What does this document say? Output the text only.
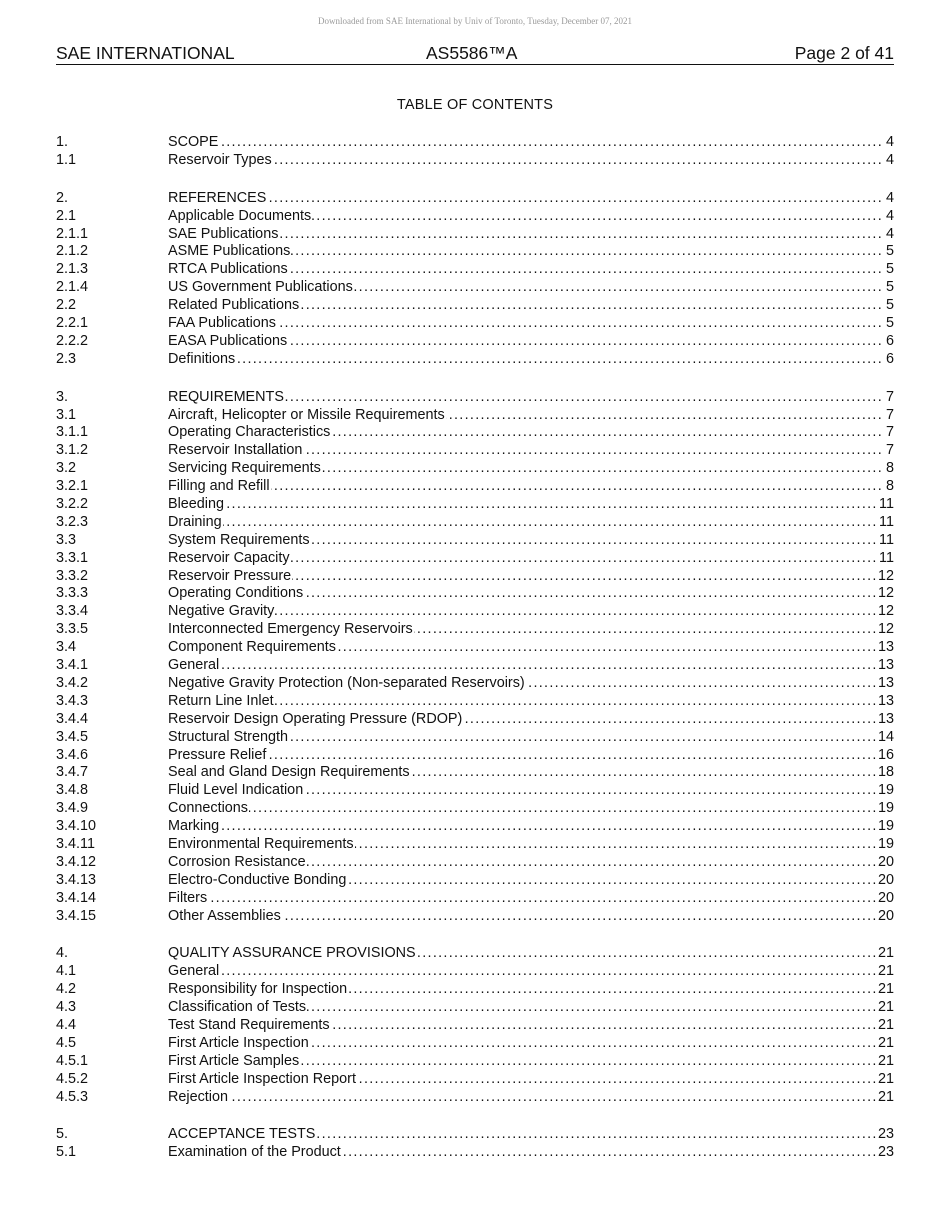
Downloaded from SAE International by Univ of Toronto, Tuesday, December 07, 2021
SAE INTERNATIONAL	AS5586™A	Page 2 of 41
TABLE OF CONTENTS
1.	SCOPE . . .	4
1.1	Reservoir Types . . .	4
2.	REFERENCES . . .	4
2.1	Applicable Documents . . .	4
2.1.1	SAE Publications . . .	4
2.1.2	ASME Publications . . .	5
2.1.3	RTCA Publications . . .	5
2.1.4	US Government Publications . . .	5
2.2	Related Publications . . .	5
2.2.1	FAA Publications . . .	5
2.2.2	EASA Publications . . .	6
2.3	Definitions . . .	6
3.	REQUIREMENTS . . .	7
3.1	Aircraft, Helicopter or Missile Requirements . . .	7
3.1.1	Operating Characteristics . . .	7
3.1.2	Reservoir Installation . . .	7
3.2	Servicing Requirements . . .	8
3.2.1	Filling and Refill . . .	8
3.2.2	Bleeding . . .	11
3.2.3	Draining . . .	11
3.3	System Requirements . . .	11
3.3.1	Reservoir Capacity . . .	11
3.3.2	Reservoir Pressure . . .	12
3.3.3	Operating Conditions . . .	12
3.3.4	Negative Gravity . . .	12
3.3.5	Interconnected Emergency Reservoirs . . .	12
3.4	Component Requirements . . .	13
3.4.1	General . . .	13
3.4.2	Negative Gravity Protection (Non-separated Reservoirs) . . .	13
3.4.3	Return Line Inlet . . .	13
3.4.4	Reservoir Design Operating Pressure (RDOP) . . .	13
3.4.5	Structural Strength . . .	14
3.4.6	Pressure Relief . . .	16
3.4.7	Seal and Gland Design Requirements . . .	18
3.4.8	Fluid Level Indication . . .	19
3.4.9	Connections . . .	19
3.4.10	Marking . . .	19
3.4.11	Environmental Requirements . . .	19
3.4.12	Corrosion Resistance . . .	20
3.4.13	Electro-Conductive Bonding . . .	20
3.4.14	Filters . . .	20
3.4.15	Other Assemblies . . .	20
4.	QUALITY ASSURANCE PROVISIONS . . .	21
4.1	General . . .	21
4.2	Responsibility for Inspection . . .	21
4.3	Classification of Tests . . .	21
4.4	Test Stand Requirements . . .	21
4.5	First Article Inspection . . .	21
4.5.1	First Article Samples . . .	21
4.5.2	First Article Inspection Report . . .	21
4.5.3	Rejection . . .	21
5.	ACCEPTANCE TESTS . . .	23
5.1	Examination of the Product . . .	23
